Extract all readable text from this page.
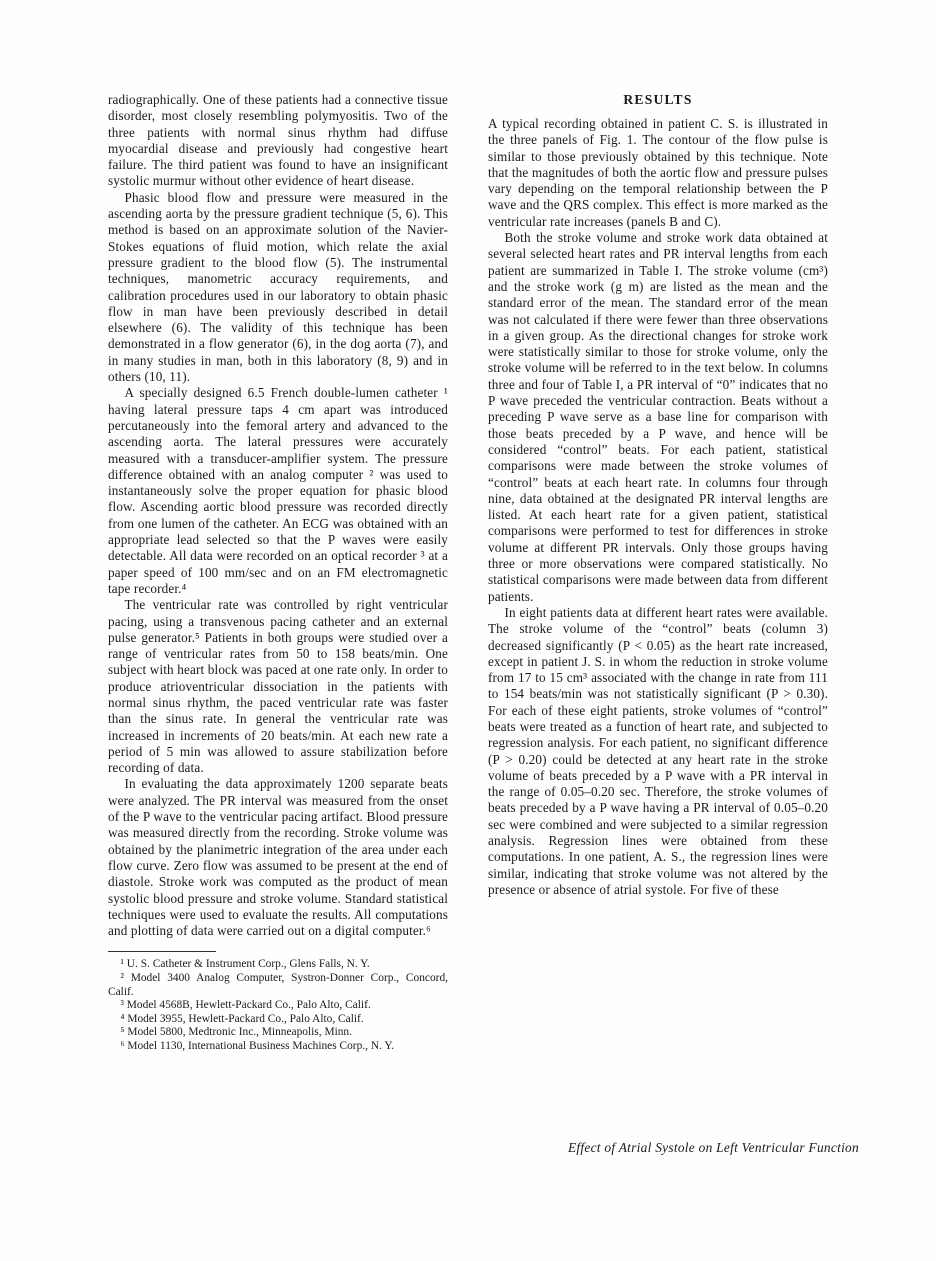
radiographically. One of these patients had a connective tissue disorder, most closely resembling polymyositis. Two of the three patients with normal sinus rhythm had diffuse myocardial disease and previously had congestive heart failure. The third patient was found to have an insignificant systolic murmur without other evidence of heart disease.

Phasic blood flow and pressure were measured in the ascending aorta by the pressure gradient technique (5, 6). This method is based on an approximate solution of the Navier-Stokes equations of fluid motion, which relate the axial pressure gradient to the blood flow (5). The instrumental techniques, manometric accuracy requirements, and calibration procedures used in our laboratory to obtain phasic flow in man have been previously described in detail elsewhere (6). The validity of this technique has been demonstrated in a flow generator (6), in the dog aorta (7), and in many studies in man, both in this laboratory (8, 9) and in others (10, 11).

A specially designed 6.5 French double-lumen catheter ¹ having lateral pressure taps 4 cm apart was introduced percutaneously into the femoral artery and advanced to the ascending aorta. The lateral pressures were accurately measured with a transducer-amplifier system. The pressure difference obtained with an analog computer ² was used to instantaneously solve the proper equation for phasic blood flow. Ascending aortic blood pressure was recorded directly from one lumen of the catheter. An ECG was obtained with an appropriate lead selected so that the P waves were easily detectable. All data were recorded on an optical recorder ³ at a paper speed of 100 mm/sec and on an FM electromagnetic tape recorder.⁴

The ventricular rate was controlled by right ventricular pacing, using a transvenous pacing catheter and an external pulse generator.⁵ Patients in both groups were studied over a range of ventricular rates from 50 to 158 beats/min. One subject with heart block was paced at one rate only. In order to produce atrioventricular dissociation in the patients with normal sinus rhythm, the paced ventricular rate was faster than the sinus rate. In general the ventricular rate was increased in increments of 20 beats/min. At each new rate a period of 5 min was allowed to assure stabilization before recording of data.

In evaluating the data approximately 1200 separate beats were analyzed. The PR interval was measured from the onset of the P wave to the ventricular pacing artifact. Blood pressure was measured directly from the recording. Stroke volume was obtained by the planimetric integration of the area under each flow curve. Zero flow was assumed to be present at the end of diastole. Stroke work was computed as the product of mean systolic blood pressure and stroke volume. Standard statistical techniques were used to evaluate the results. All computations and plotting of data were carried out on a digital computer.⁶

¹ U. S. Catheter & Instrument Corp., Glens Falls, N. Y.

² Model 3400 Analog Computer, Systron-Donner Corp., Concord, Calif.

³ Model 4568B, Hewlett-Packard Co., Palo Alto, Calif.

⁴ Model 3955, Hewlett-Packard Co., Palo Alto, Calif.

⁵ Model 5800, Medtronic Inc., Minneapolis, Minn.

⁶ Model 1130, International Business Machines Corp., N. Y.

RESULTS

A typical recording obtained in patient C. S. is illustrated in the three panels of Fig. 1. The contour of the flow pulse is similar to those previously obtained by this technique. Note that the magnitudes of both the aortic flow and pressure pulses vary depending on the temporal relationship between the P wave and the QRS complex. This effect is more marked as the ventricular rate increases (panels B and C).

Both the stroke volume and stroke work data obtained at several selected heart rates and PR interval lengths from each patient are summarized in Table I. The stroke volume (cm³) and the stroke work (g m) are listed as the mean and the standard error of the mean. The standard error of the mean was not calculated if there were fewer than three observations in a given group. As the directional changes for stroke work were statistically similar to those for stroke volume, only the stroke volume will be referred to in the text below. In columns three and four of Table I, a PR interval of “0” indicates that no P wave preceded the ventricular contraction. Beats without a preceding P wave serve as a base line for comparison with those beats preceded by a P wave, and hence will be considered “control” beats. For each patient, statistical comparisons were made between the stroke volumes of “control” beats at each heart rate. In columns four through nine, data obtained at the designated PR interval lengths are listed. At each heart rate for a given patient, statistical comparisons were performed to test for differences in stroke volume at different PR intervals. Only those groups having three or more observations were compared statistically. No statistical comparisons were made between data from different patients.

In eight patients data at different heart rates were available. The stroke volume of the “control” beats (column 3) decreased significantly (P < 0.05) as the heart rate increased, except in patient J. S. in whom the reduction in stroke volume from 17 to 15 cm³ associated with the change in rate from 111 to 154 beats/min was not statistically significant (P > 0.30). For each of these eight patients, stroke volumes of “control” beats were treated as a function of heart rate, and subjected to regression analysis. For each patient, no significant difference (P > 0.20) could be detected at any heart rate in the stroke volume of beats preceded by a P wave with a PR interval in the range of 0.05–0.20 sec. Therefore, the stroke volumes of beats preceded by a P wave having a PR interval of 0.05–0.20 sec were combined and were subjected to a similar regression analysis. Regression lines were obtained from these computations. In one patient, A. S., the regression lines were similar, indicating that stroke volume was not altered by the presence or absence of atrial systole. For five of these

Effect of Atrial Systole on Left Ventricular Function
